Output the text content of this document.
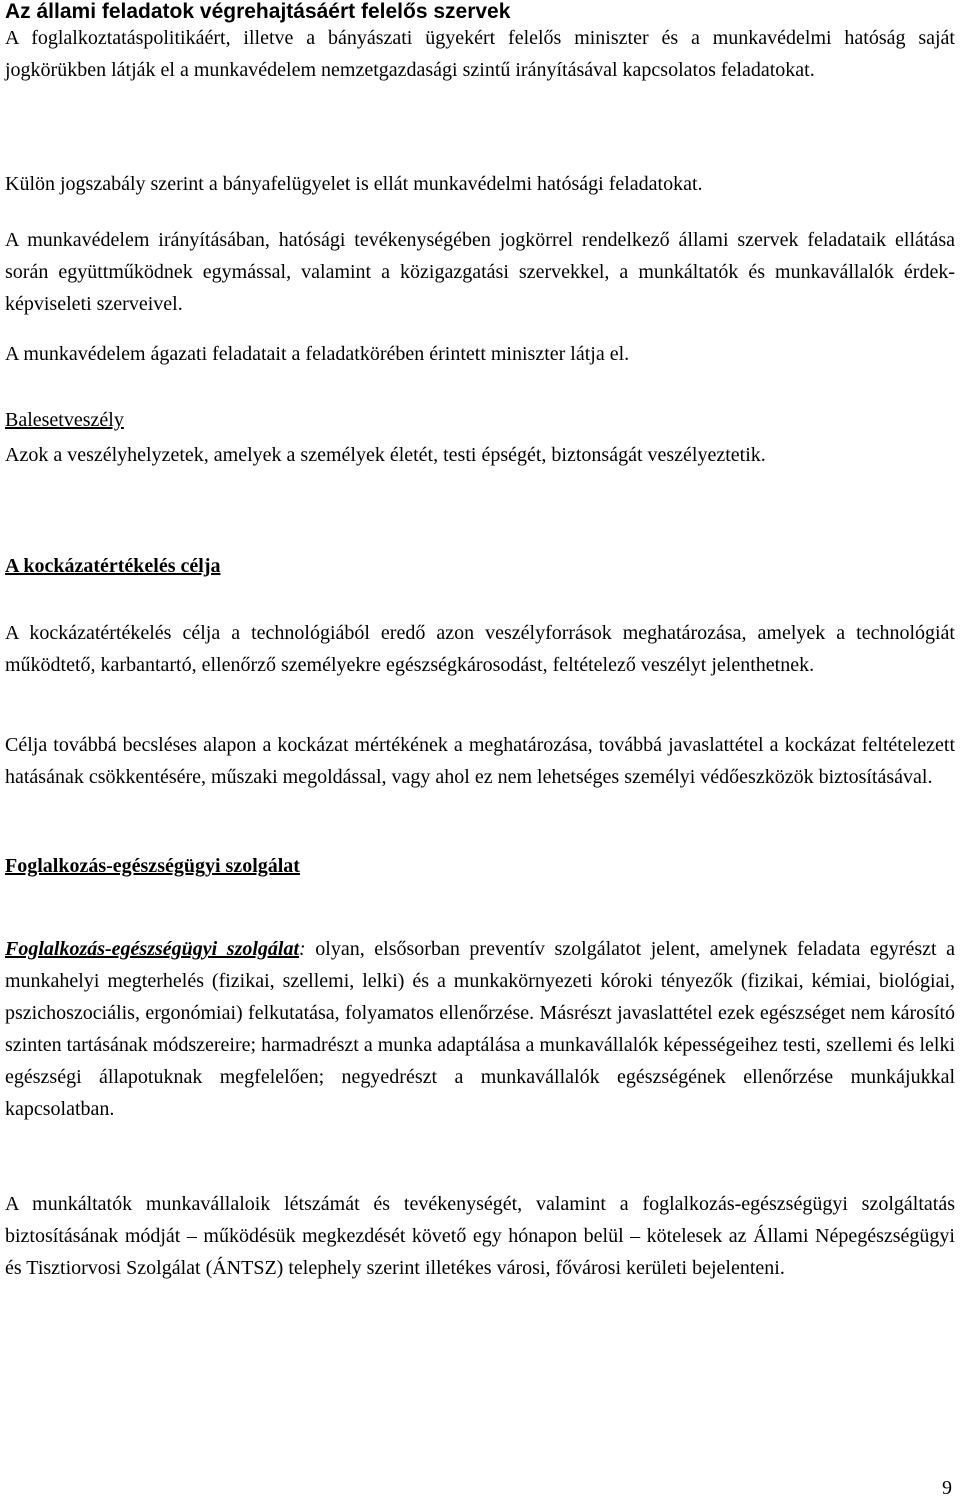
Az állami feladatok végrehajtásáért felelős szervek

A foglalkoztatáspolitikáért, illetve a bányászati ügyekért felelős miniszter és a munkavédelmi hatóság saját jogkörükben látják el a munkavédelem nemzetgazdasági szintű irányításával kapcsolatos feladatokat.

Külön jogszabály szerint a bányafelügyelet is ellát munkavédelmi hatósági feladatokat.

A munkavédelem irányításában, hatósági tevékenységében jogkörrel rendelkező állami szervek feladataik ellátása során együttműködnek egymással, valamint a közigazgatási szervekkel, a munkáltatók és munkavállalók érdek-képviseleti szerveivel.

A munkavédelem ágazati feladatait a feladatkörében érintett miniszter látja el.

Balesetveszély

Azok a veszélyhelyzetek, amelyek a személyek életét, testi épségét, biztonságát veszélyeztetik.

A kockázatértékelés célja

A kockázatértékelés célja a technológiából eredő azon veszélyforrások meghatározása, amelyek a technológiát működtető, karbantartó, ellenőrző személyekre egészségkárosodást, feltételező veszélyt jelenthetnek.

Célja továbbá becsléses alapon a kockázat mértékének a meghatározása, továbbá javaslattétel a kockázat feltételezett hatásának csökkentésére, műszaki megoldással, vagy ahol ez nem lehetséges személyi védőeszközök biztosításával.

Foglalkozás-egészségügyi szolgálat

Foglalkozás-egészségügyi szolgálat: olyan, elsősorban preventív szolgálatot jelent, amelynek feladata egyrészt a munkahelyi megterhelés (fizikai, szellemi, lelki) és a munkakörnyezeti kóroki tényezők (fizikai, kémiai, biológiai, pszichoszociális, ergonómiai) felkutatása, folyamatos ellenőrzése. Másrészt javaslattétel ezek egészséget nem károsító szinten tartásának módszereire; harmadrészt a munka adaptálása a munkavállalók képességeihez testi, szellemi és lelki egészségi állapotuknak megfelelően; negyedrészt a munkavállalók egészségének ellenőrzése munkájukkal kapcsolatban.

A munkáltatók munkavállaloik létszámát és tevékenységét, valamint a foglalkozás-egészségügyi szolgáltatás biztosításának módját – működésük megkezdését követő egy hónapon belül – kötelesek az Állami Népegészségügyi és Tisztiorvosi Szolgálat (ÁNTSZ) telephely szerint illetékes városi, fővárosi kerületi bejelenteni.

9
